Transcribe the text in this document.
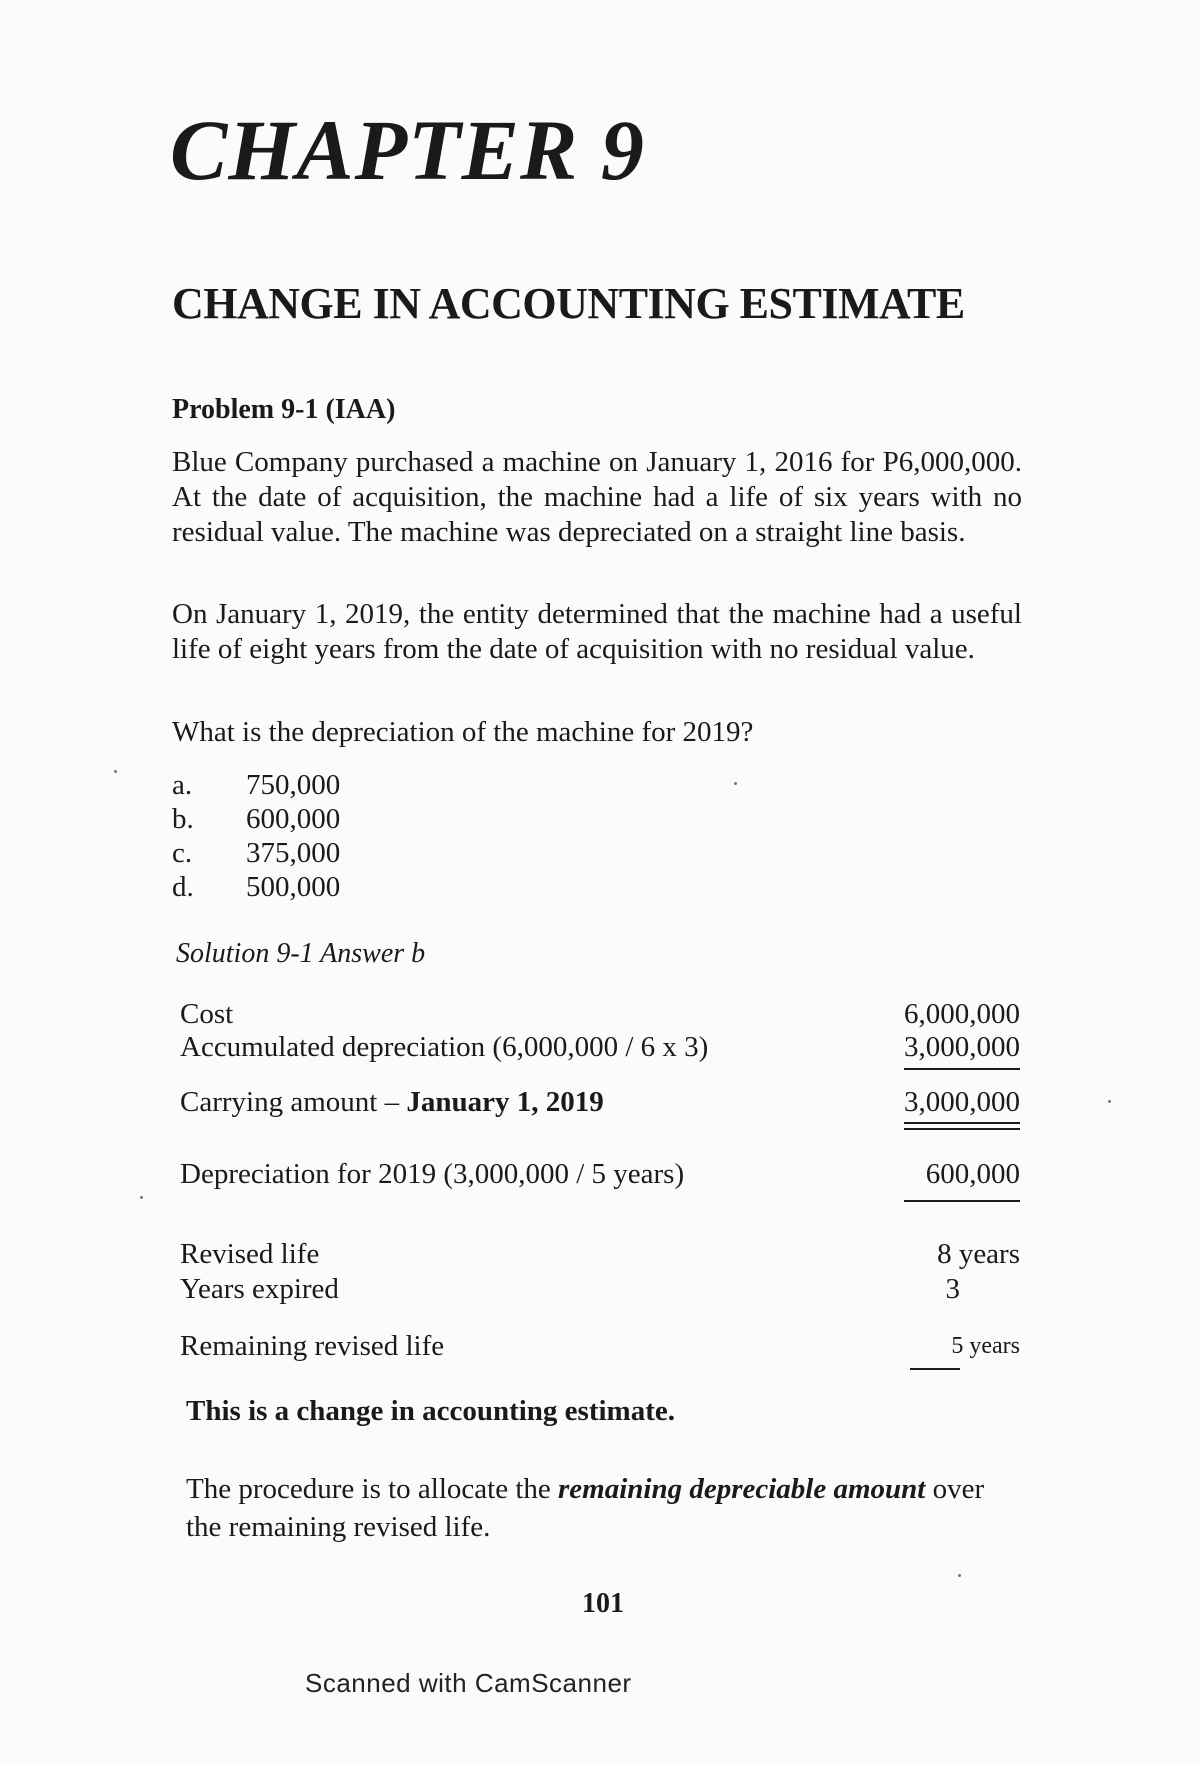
CHAPTER 9
CHANGE IN ACCOUNTING ESTIMATE
Problem 9-1 (IAA)

Blue Company purchased a machine on January 1, 2016 for P6,000,000. At the date of acquisition, the machine had a life of six years with no residual value. The machine was depreciated on a straight line basis.

On January 1, 2019, the entity determined that the machine had a useful life of eight years from the date of acquisition with no residual value.

What is the depreciation of the machine for 2019?
a.	750,000
b.	600,000
c.	375,000
d.	500,000
Solution 9-1 Answer b
Cost	6,000,000
Accumulated depreciation (6,000,000 / 6 x 3)	3,000,000
Carrying amount – January 1, 2019	3,000,000
Depreciation for 2019 (3,000,000 / 5 years)	600,000
Revised life	8 years
Years expired	3
Remaining revised life	5 years
This is a change in accounting estimate.

The procedure is to allocate the remaining depreciable amount over the remaining revised life.

101
Scanned with CamScanner
